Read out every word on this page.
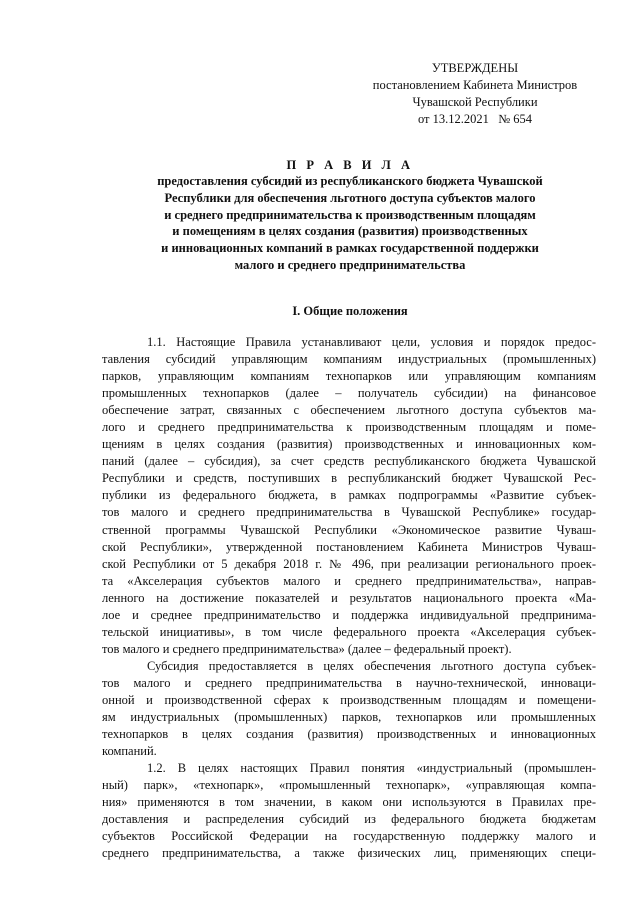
УТВЕРЖДЕНЫ
постановлением Кабинета Министров
Чувашской Республики
от 13.12.2021   № 654
П Р А В И Л А
предоставления субсидий из республиканского бюджета Чувашской
Республики для обеспечения льготного доступа субъектов малого
и среднего предпринимательства к производственным площадям
и помещениям в целях создания (развития) производственных
и инновационных компаний в рамках государственной поддержки
малого и среднего предпринимательства
I. Общие положения
1.1. Настоящие Правила устанавливают цели, условия и порядок предос-
тавления субсидий управляющим компаниям индустриальных (промышленных)
парков, управляющим компаниям технопарков или управляющим компаниям
промышленных технопарков (далее – получатель субсидии) на финансовое
обеспечение затрат, связанных с обеспечением льготного доступа субъектов ма-
лого и среднего предпринимательства к производственным площадям и поме-
щениям в целях создания (развития) производственных и инновационных ком-
паний (далее – субсидия), за счет средств республиканского бюджета Чувашской
Республики и средств, поступивших в республиканский бюджет Чувашской Рес-
публики из федерального бюджета, в рамках подпрограммы «Развитие субъек-
тов малого и среднего предпринимательства в Чувашской Республике» государ-
ственной программы Чувашской Республики «Экономическое развитие Чуваш-
ской Республики», утвержденной постановлением Кабинета Министров Чуваш-
ской Республики от 5 декабря 2018 г. № 496, при реализации регионального проек-
та «Акселерация субъектов малого и среднего предпринимательства», направ-
ленного на достижение показателей и результатов национального проекта «Ма-
лое и среднее предпринимательство и поддержка индивидуальной предпринима-
тельской инициативы», в том числе федерального проекта «Акселерация субъек-
тов малого и среднего предпринимательства» (далее – федеральный проект).
Субсидия предоставляется в целях обеспечения льготного доступа субъек-
тов малого и среднего предпринимательства в научно-технической, инноваци-
онной и производственной сферах к производственным площадям и помещени-
ям индустриальных (промышленных) парков, технопарков или промышленных
технопарков в целях создания (развития) производственных и инновационных
компаний.
1.2. В целях настоящих Правил понятия «индустриальный (промышлен-
ный) парк», «технопарк», «промышленный технопарк», «управляющая компа-
ния» применяются в том значении, в каком они используются в Правилах пре-
доставления и распределения субсидий из федерального бюджета бюджетам
субъектов Российской Федерации на государственную поддержку малого и
среднего предпринимательства, а также физических лиц, применяющих специ-
